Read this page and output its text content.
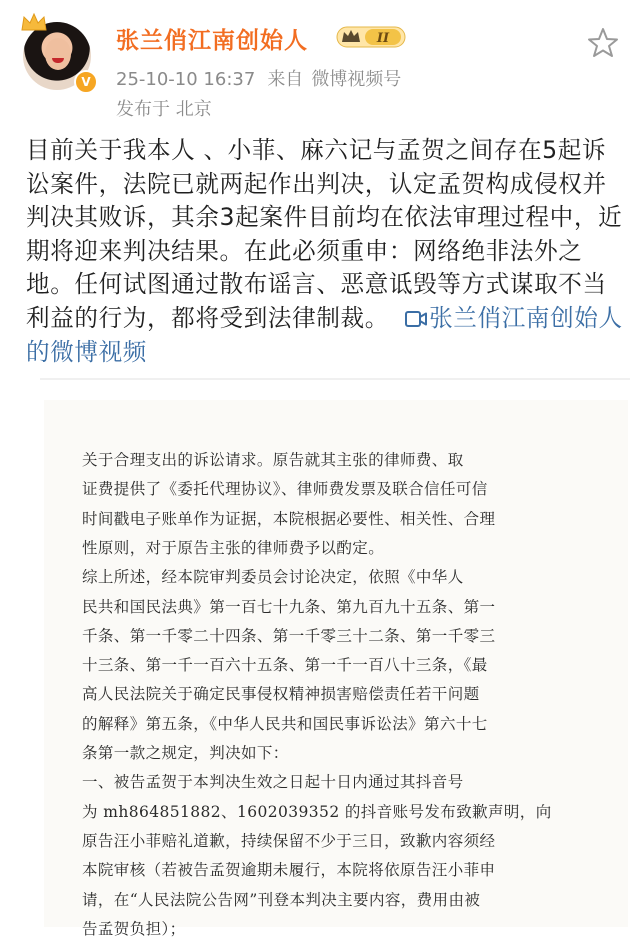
V
张兰俏江南创始人	II
25-10-10 16:37 来自 微博视频号
发布于 北京

目前关于我本人 、小菲、麻六记与孟贺之间存在5起诉讼案件，法院已就两起作出判决，认定孟贺构成侵权并判决其败诉，其余3起案件目前均在依法审理过程中，近期将迎来判决结果。在此必须重申：网络绝非法外之地。任何试图通过散布谣言、恶意诋毁等方式谋取不当利益的行为，都将受到法律制裁。 张兰俏江南创始人的微博视频

关于合理支出的诉讼请求。原告就其主张的律师费、取
证费提供了《委托代理协议》、律师费发票及联合信任可信
时间戳电子账单作为证据，本院根据必要性、相关性、合理
性原则，对于原告主张的律师费予以酌定。
综上所述，经本院审判委员会讨论决定，依照《中华人
民共和国民法典》第一百七十九条、第九百九十五条、第一
千条、第一千零二十四条、第一千零三十二条、第一千零三
十三条、第一千一百六十五条、第一千一百八十三条，《最
高人民法院关于确定民事侵权精神损害赔偿责任若干问题
的解释》第五条，《中华人民共和国民事诉讼法》第六十七
条第一款之规定，判决如下：
一、被告孟贺于本判决生效之日起十日内通过其抖音号
为 mh864851882、1602039352 的抖音账号发布致歉声明，向
原告汪小菲赔礼道歉，持续保留不少于三日，致歉内容须经
本院审核（若被告孟贺逾期未履行，本院将依原告汪小菲申
请，在“人民法院公告网”刊登本判决主要内容，费用由被
告孟贺负担）；
